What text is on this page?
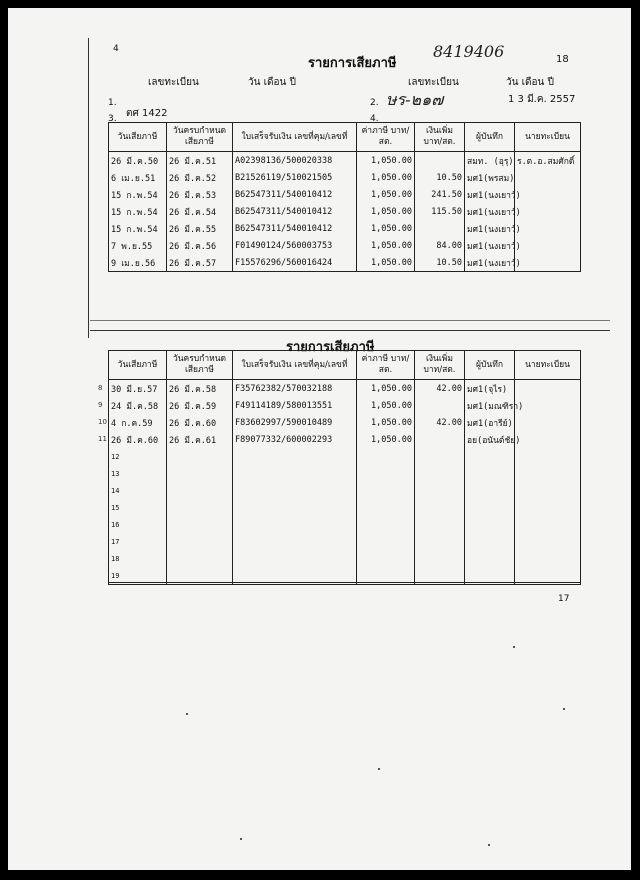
4
รายการเสียภาษี
8419406	18
เลขทะเบียน	วัน เดือน ปี	เลขทะเบียน	วัน เดือน ปี
1.
ตศ 1422
2. ษร-๒๑๗	1 3 มี.ค. 2557
3.	4.
วันเสียภาษี	วันครบกำหนด เสียภาษี	ใบเสร็จรับเงิน เลขที่คุม/เลขที่	ค่าภาษี บาท/สต.	เงินเพิ่ม บาท/สต.	ผู้บันทึก	นายทะเบียน
26 มี.ค.50	26 มี.ค.51	A02398136/500020338	1,050.00		สมท. (อุรุ)	ร.ต.อ.สมศักดิ์
6 เม.ย.51	26 มี.ค.52	B21526119/510021505	1,050.00	10.50	มศ1(พรสม)	
15 ก.พ.54	26 มี.ค.53	B62547311/540010412	1,050.00	241.50	มศ1(นงเยาว์)	
15 ก.พ.54	26 มี.ค.54	B62547311/540010412	1,050.00	115.50	มศ1(นงเยาว์)	
15 ก.พ.54	26 มี.ค.55	B62547311/540010412	1,050.00		มศ1(นงเยาว์)	
7 พ.ย.55	26 มี.ค.56	F01490124/560003753	1,050.00	84.00	มศ1(นงเยาว์)	
9 เม.ย.56	26 มี.ค.57	F15576296/560016424	1,050.00	10.50	มศ1(นงเยาว์)	
รายการเสียภาษี
วันเสียภาษี	วันครบกำหนด เสียภาษี	ใบเสร็จรับเงิน เลขที่คุม/เลขที่	ค่าภาษี บาท/สต.	เงินเพิ่ม บาท/สต.	ผู้บันทึก	นายทะเบียน
30 มี.ย.57	26 มี.ค.58	F35762382/570032188	1,050.00	42.00	มศ1(จุไร)	
24 มี.ค.58	26 มี.ค.59	F49114189/580013551	1,050.00		มศ1(มณฑิรา)	
4 ก.ค.59	26 มี.ค.60	F83602997/590010489	1,050.00	42.00	มศ1(อารีย์)	
26 มี.ค.60	26 มี.ค.61	F89077332/600002293	1,050.00		อย(อนันต์ชัย)	
12						
13						
14						
15						
16						
17						
18						
19						
17
8
9
10
11
